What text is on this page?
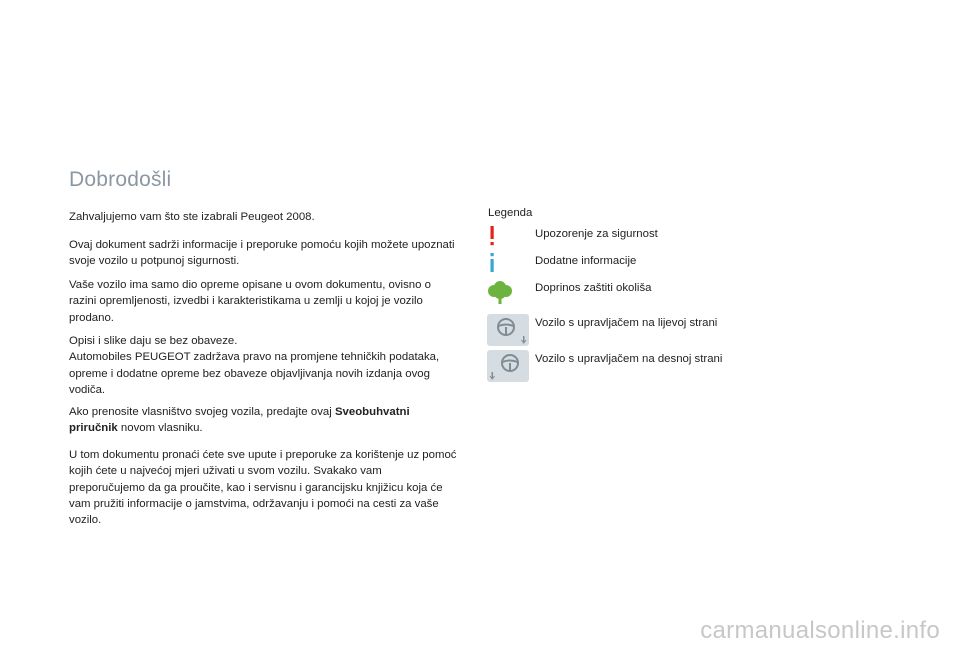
Dobrodošli

Zahvaljujemo vam što ste izabrali Peugeot 2008.

Ovaj dokument sadrži informacije i preporuke pomoću kojih možete upoznati svoje vozilo u potpunoj sigurnosti.

Vaše vozilo ima samo dio opreme opisane u ovom dokumentu, ovisno o razini opremljenosti, izvedbi i karakteristikama u zemlji u kojoj je vozilo prodano.

Opisi i slike daju se bez obaveze.
Automobiles PEUGEOT zadržava pravo na promjene tehničkih podataka, opreme i dodatne opreme bez obaveze objavljivanja novih izdanja ovog vodiča.

Ako prenosite vlasništvo svojeg vozila, predajte ovaj Sveobuhvatni priručnik novom vlasniku.

U tom dokumentu pronaći ćete sve upute i preporuke za korištenje uz pomoć kojih ćete u najvećoj mjeri uživati u svom vozilu. Svakako vam preporučujemo da ga proučite, kao i servisnu i garancijsku knjižicu koja će vam pružiti informacije o jamstvima, održavanju i pomoći na cesti za vaše vozilo.

Legenda
Upozorenje za sigurnost
Dodatne informacije
Doprinos zaštiti okoliša
Vozilo s upravljačem na lijevoj strani
Vozilo s upravljačem na desnoj strani
carmanualsonline.info
